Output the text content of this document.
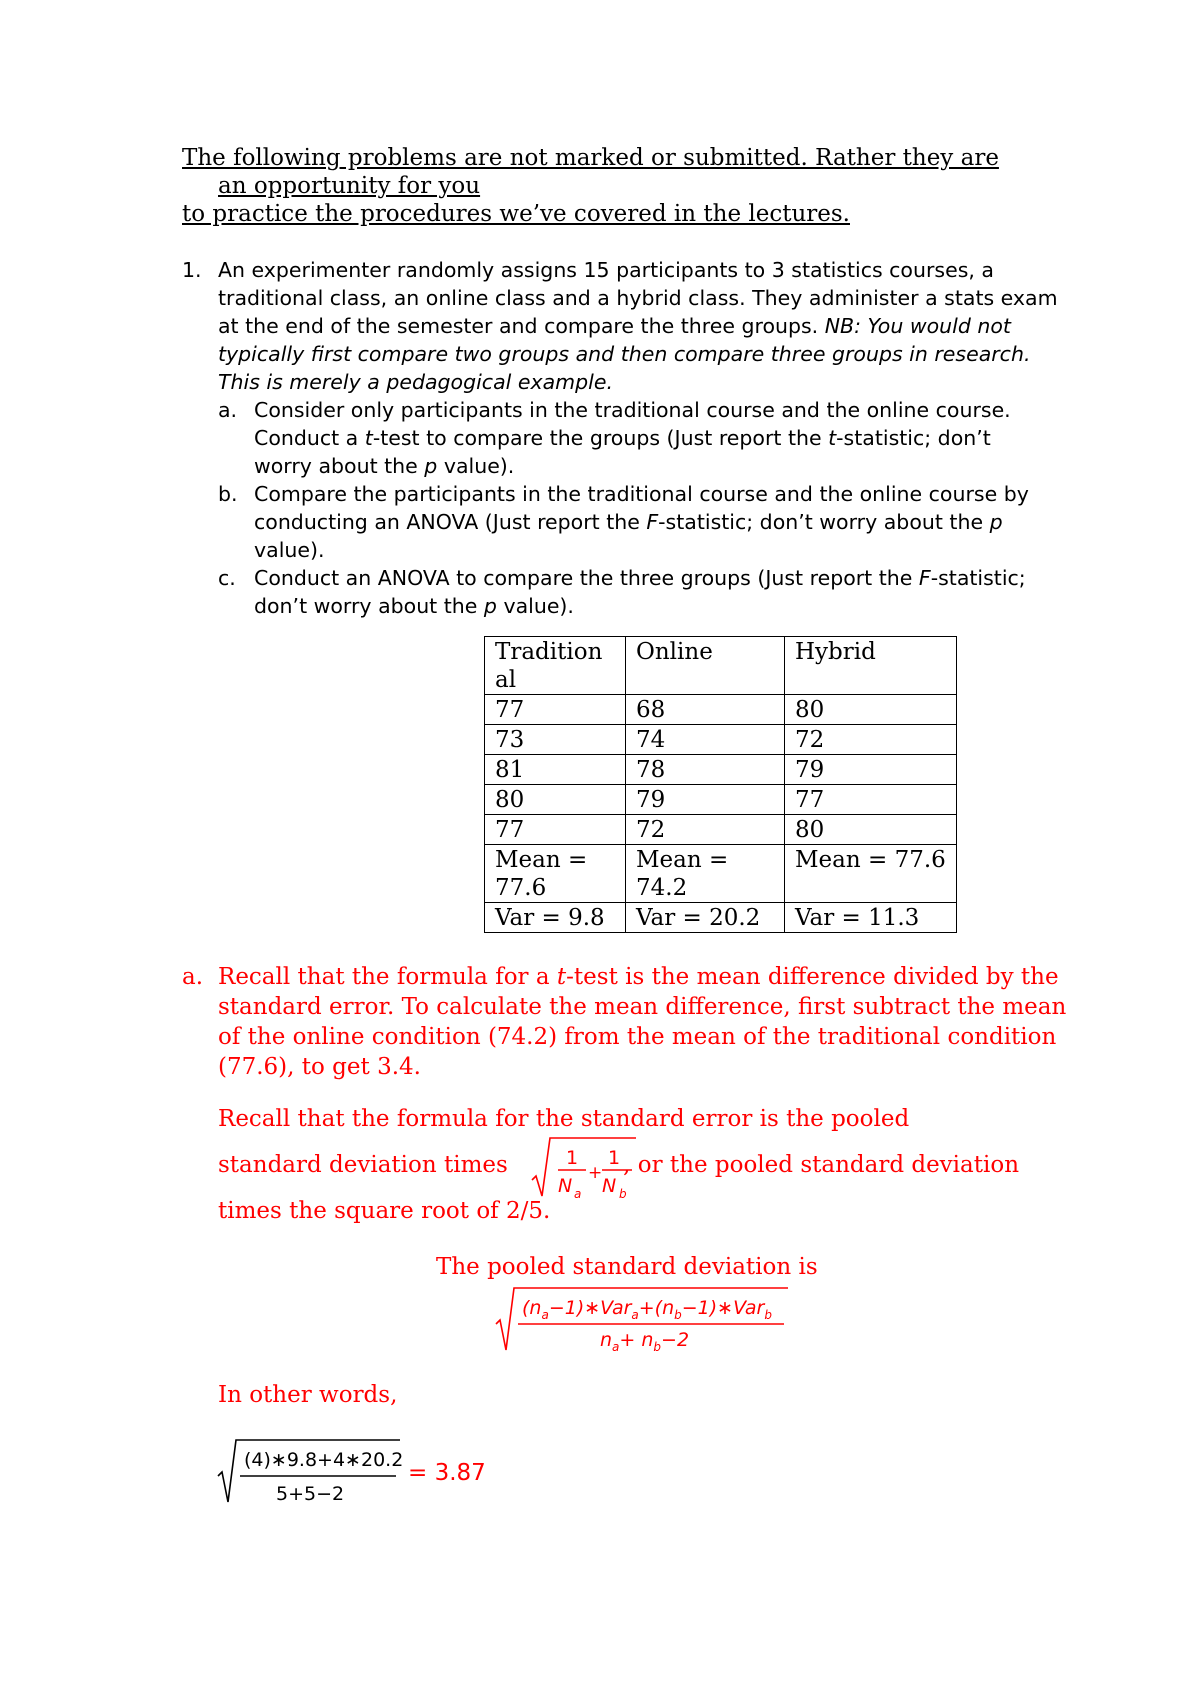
The following problems are not marked or submitted. Rather they are
an opportunity for you
to practice the procedures we’ve covered in the lectures.
1. An experimenter randomly assigns 15 participants to 3 statistics courses, a traditional class, an online class and a hybrid class. They administer a stats exam at the end of the semester and compare the three groups. NB: You would not typically first compare two groups and then compare three groups in research. This is merely a pedagogical example.
a. Consider only participants in the traditional course and the online course. Conduct a t-test to compare the groups (Just report the t-statistic; don’t worry about the p value).
b. Compare the participants in the traditional course and the online course by conducting an ANOVA (Just report the F-statistic; don’t worry about the p value).
c. Conduct an ANOVA to compare the three groups (Just report the F-statistic; don’t worry about the p value).
Tradition al	Online	Hybrid
77	68	80
73	74	72
81	78	79
80	79	77
77	72	80
Mean = 77.6	Mean = 74.2	Mean = 77.6
Var = 9.8	Var = 20.2	Var = 11.3
a. Recall that the formula for a t-test is the mean difference divided by the standard error. To calculate the mean difference, first subtract the mean of the online condition (74.2) from the mean of the traditional condition (77.6), to get 3.4.
Recall that the formula for the standard error is the pooled
standard deviation times	, or the pooled standard deviation
times the square root of 2/5.
1
N a
+
1
N b
The pooled standard deviation is
$(n_a-1)∗Var_a+(n_b-1)∗Var_b$
$n_a+ n_b-2$
In other words,
(4)∗9.8+4∗20.2
5+5−2
= 3.87
